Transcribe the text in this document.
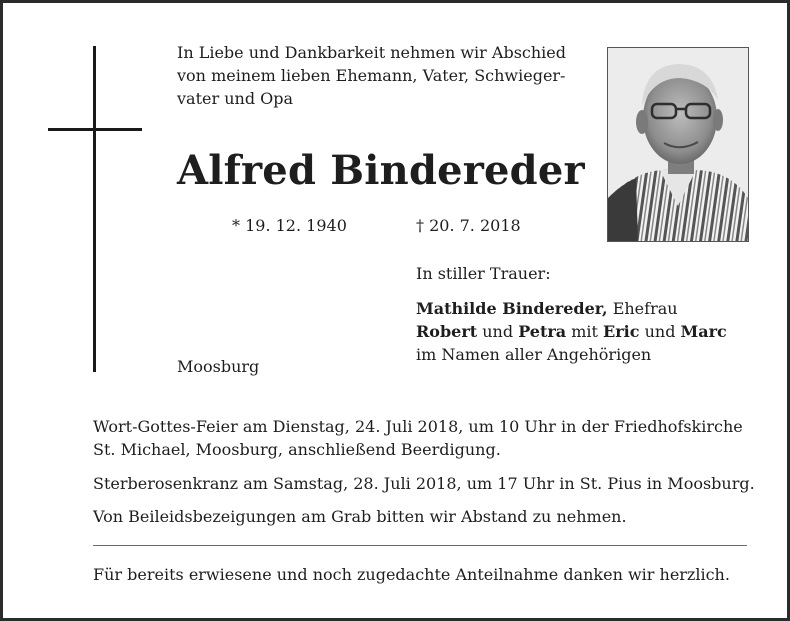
In Liebe und Dankbarkeit nehmen wir Abschied
von meinem lieben Ehemann, Vater, Schwieger-
vater und Opa

Alfred Bindereder
* 19. 12. 1940	† 20. 7. 2018
In stiller Trauer:
Mathilde Bindereder, Ehefrau
Robert und Petra mit Eric und Marc
im Namen aller Angehörigen
Moosburg

Wort-Gottes-Feier am Dienstag, 24. Juli 2018, um 10 Uhr in der Friedhofskirche St. Michael, Moosburg, anschließend Beerdigung.

Sterberosenkranz am Samstag, 28. Juli 2018, um 17 Uhr in St. Pius in Moosburg.

Von Beileidsbezeigungen am Grab bitten wir Abstand zu nehmen.

Für bereits erwiesene und noch zugedachte Anteilnahme danken wir herzlich.
